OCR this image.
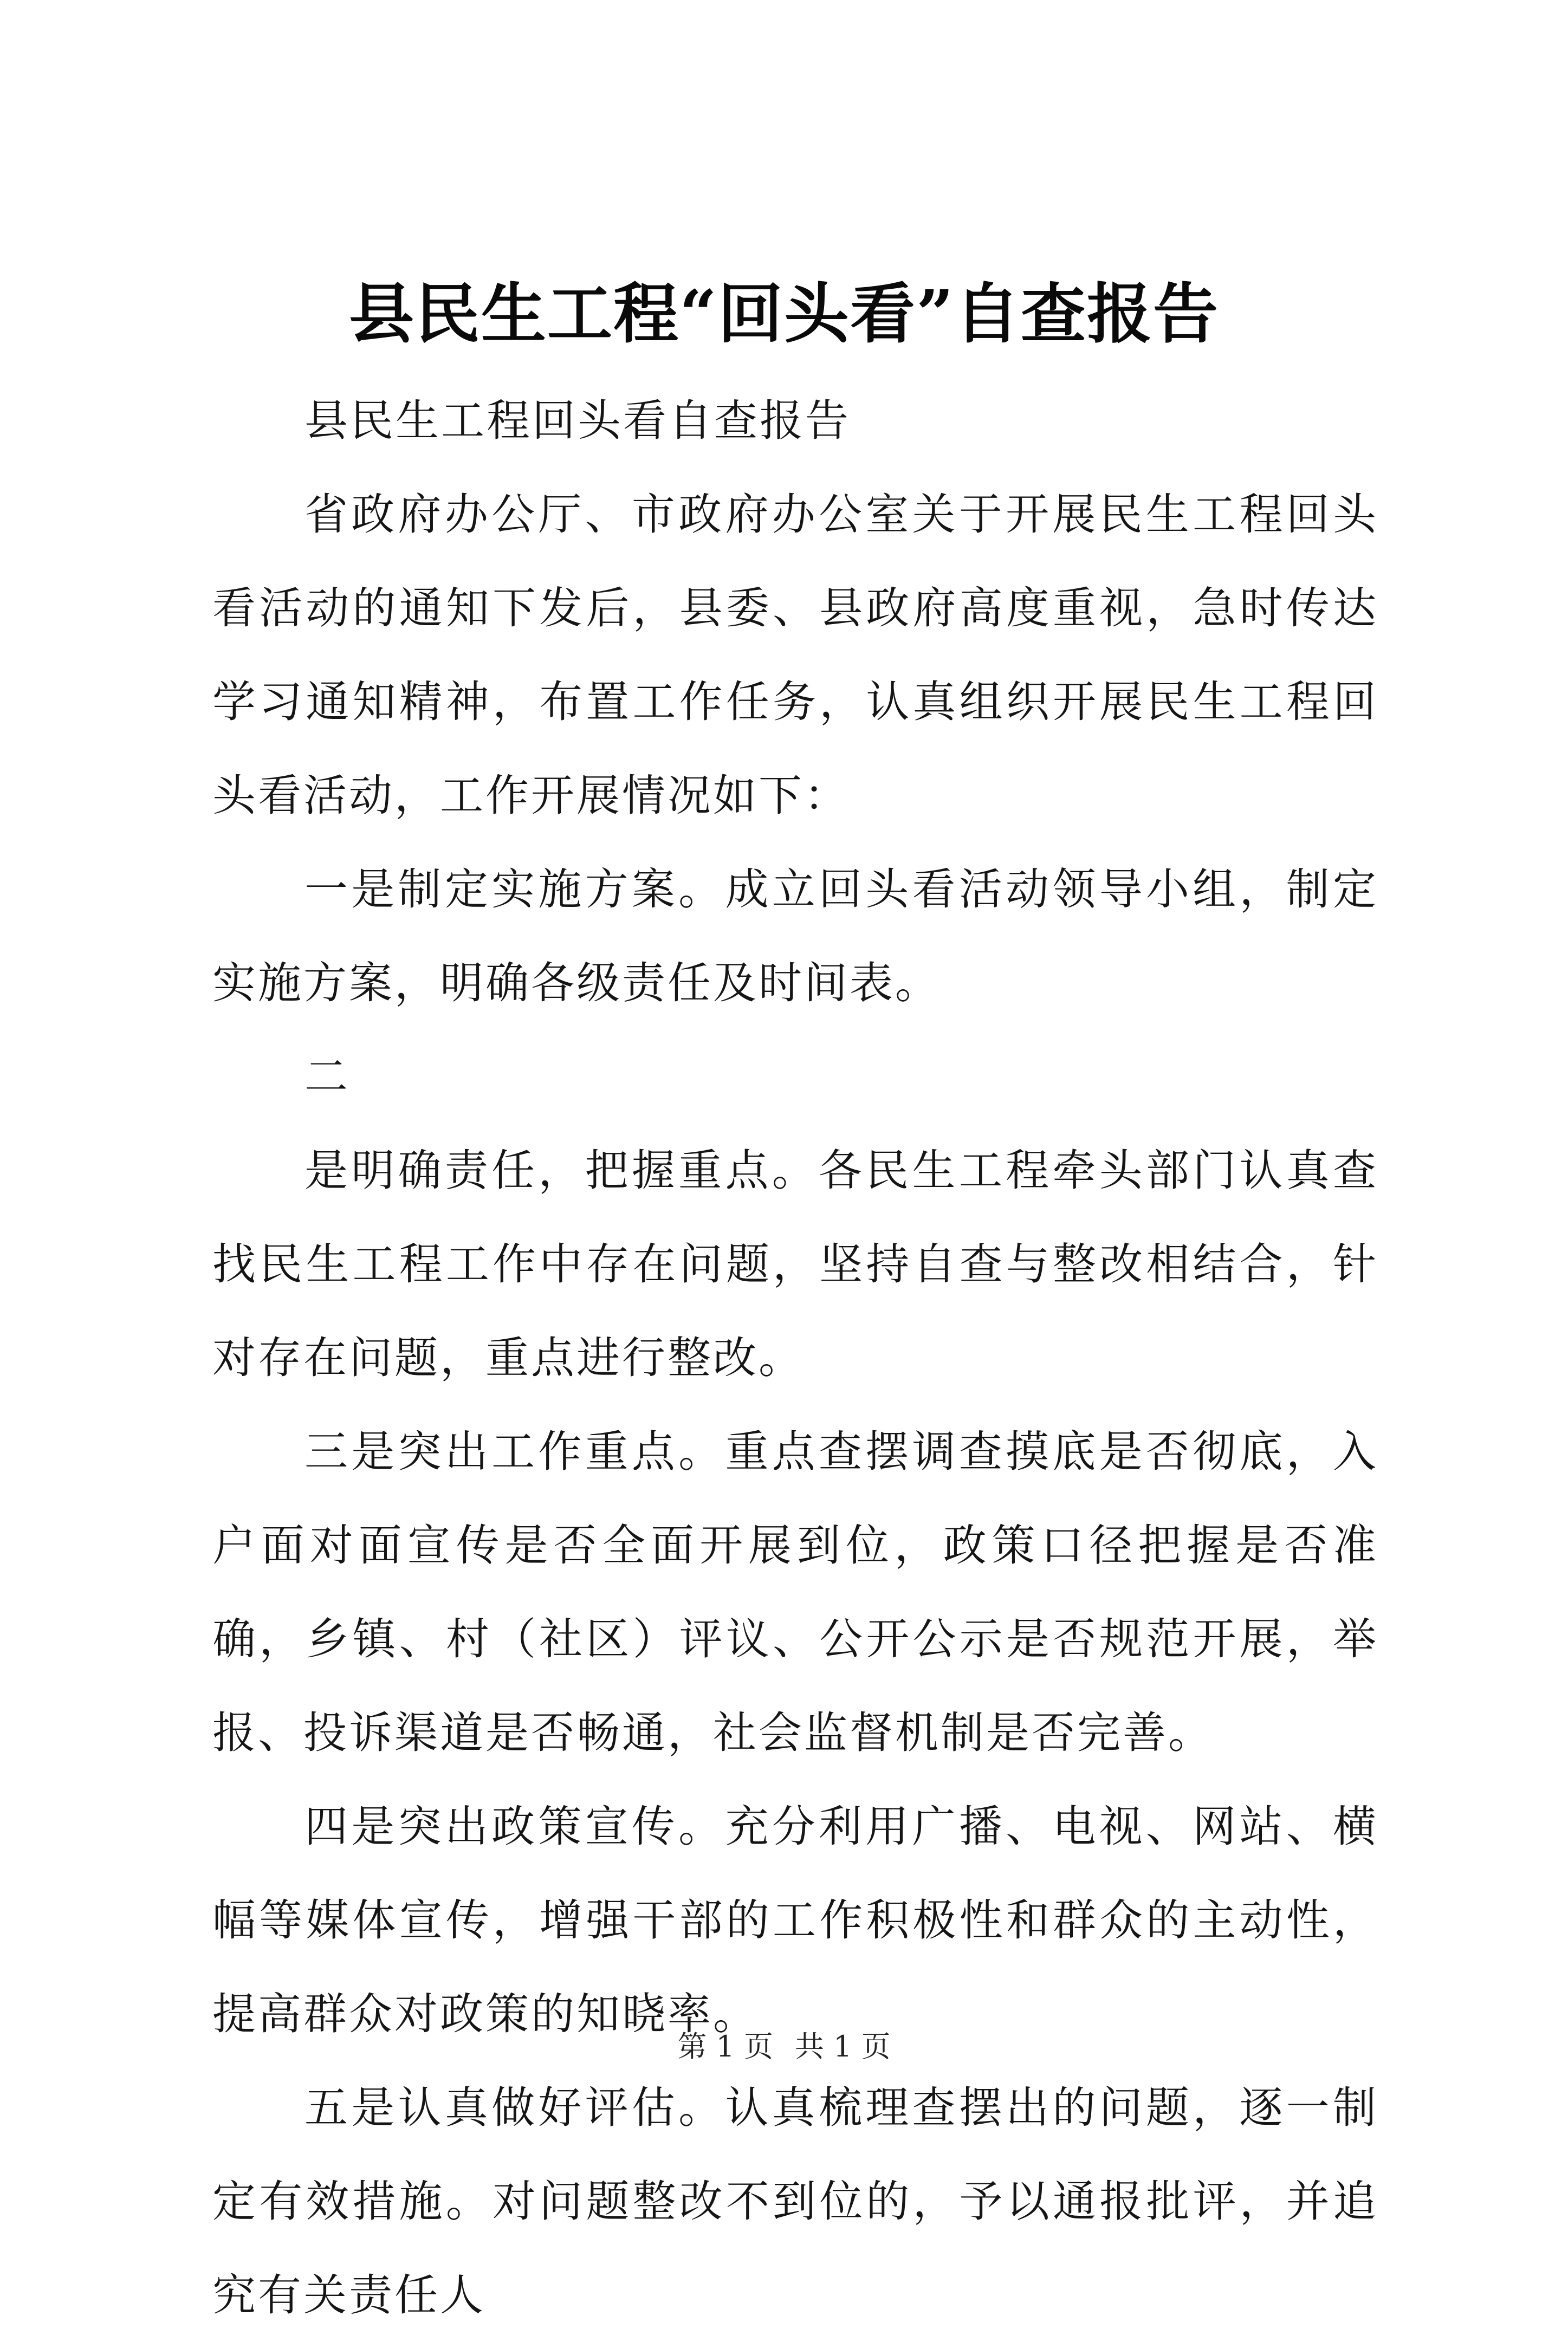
县民生工程“回头看”自查报告

县民生工程回头看自查报告

省政府办公厅、市政府办公室关于开展民生工程回头看活动的通知下发后，县委、县政府高度重视，急时传达学习通知精神，布置工作任务，认真组织开展民生工程回头看活动，工作开展情况如下：

一是制定实施方案。成立回头看活动领导小组，制定实施方案，明确各级责任及时间表。

二

是明确责任，把握重点。各民生工程牵头部门认真查找民生工程工作中存在问题，坚持自查与整改相结合，针对存在问题，重点进行整改。

三是突出工作重点。重点查摆调查摸底是否彻底，入户面对面宣传是否全面开展到位，政策口径把握是否准确，乡镇、村（社区）评议、公开公示是否规范开展，举报、投诉渠道是否畅通，社会监督机制是否完善。

四是突出政策宣传。充分利用广播、电视、网站、横幅等媒体宣传，增强干部的工作积极性和群众的主动性，提高群众对政策的知晓率。

五是认真做好评估。认真梳理查摆出的问题，逐一制定有效措施。对问题整改不到位的，予以通报批评，并追究有关责任人

第 1 页 共 1 页
